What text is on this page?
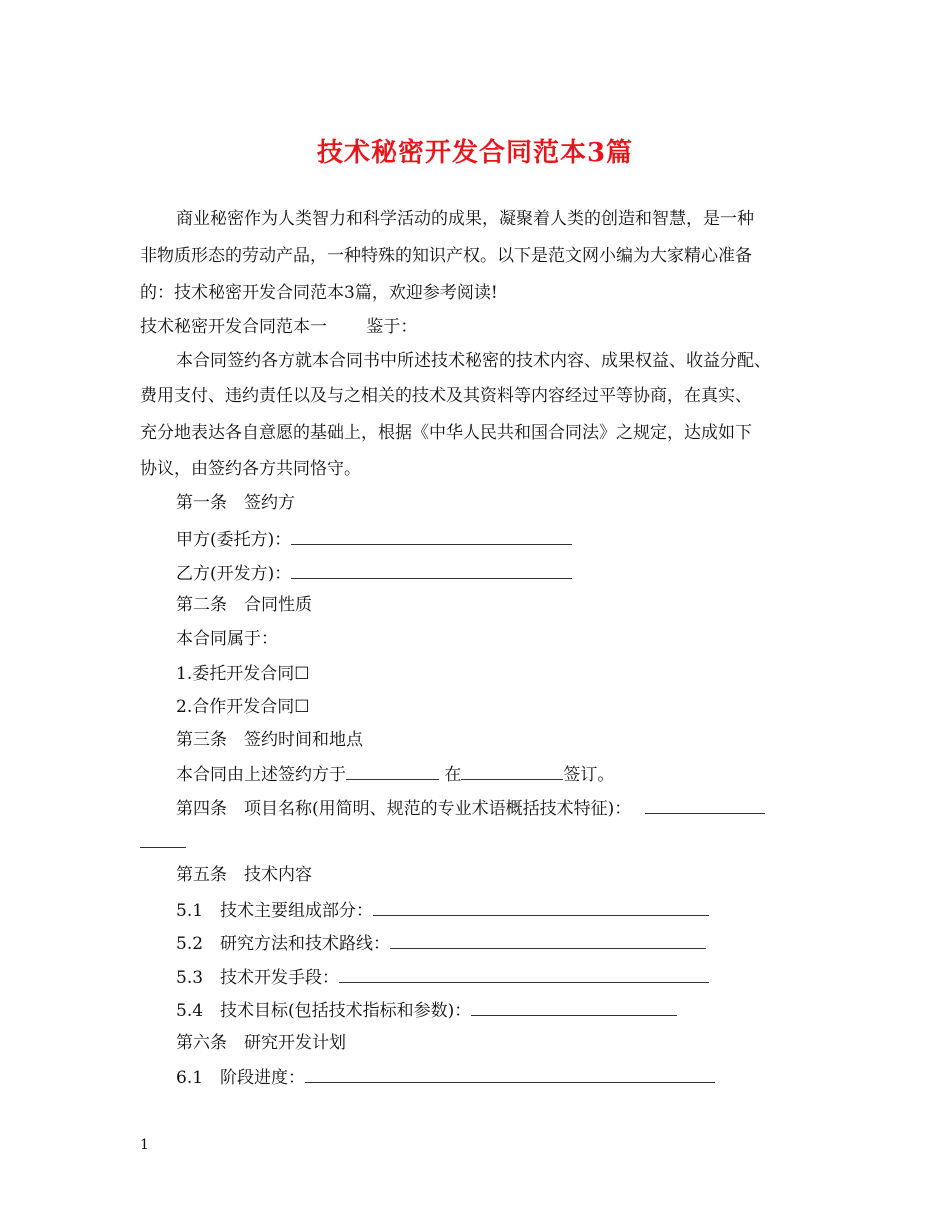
技术秘密开发合同范本3篇
商业秘密作为人类智力和科学活动的成果，凝聚着人类的创造和智慧，是一种
非物质形态的劳动产品，一种特殊的知识产权。以下是范文网小编为大家精心准备
的：技术秘密开发合同范本3篇，欢迎参考阅读!
技术秘密开发合同范本一　　 鉴于：
本合同签约各方就本合同书中所述技术秘密的技术内容、成果权益、收益分配、
费用支付、违约责任以及与之相关的技术及其资料等内容经过平等协商，在真实、
充分地表达各自意愿的基础上，根据《中华人民共和国合同法》之规定，达成如下
协议，由签约各方共同恪守。
第一条　签约方
甲方(委托方)：
乙方(开发方)：
第二条　合同性质
本合同属于：
1.委托开发合同☐
2.合作开发合同☐
第三条　签约时间和地点
本合同由上述签约方于	在	签订。
第四条　项目名称(用简明、规范的专业术语概括技术特征)：
第五条　技术内容
5.1　技术主要组成部分：
5.2　研究方法和技术路线：
5.3　技术开发手段：
5.4　技术目标(包括技术指标和参数)：
第六条　研究开发计划
6.1　阶段进度：
1
